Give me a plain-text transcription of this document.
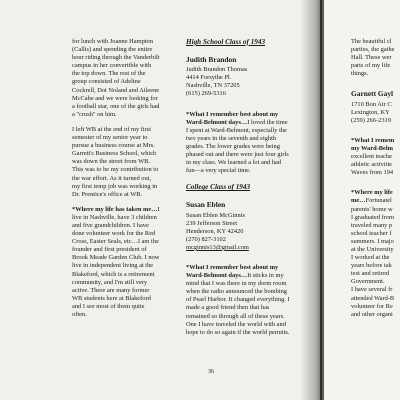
for lunch with Joanne Hampton (Callis) and spending the entire hour riding through the Vanderbilt campus in her convertible with the top down. The rest of the group consisted of Adeline Cockrell, Dot Noland and Aileene McCabe and we were looking for a football star, one of the girls had a "crush" on him.

I left WB at the end of my first semester of my senior year to pursue a business course at Mrs. Garrett's Business School, which was down the street from WB. This was to be my contribution to the war effort. As it turned out, my first temp job was working in Dr. Prentice's office at WB.

*Where my life has taken me…I live in Nashville, have 3 children and five grandchildren. I have done volunteer work for the Red Cross, Easter Seals, etc…I am the founder and first president of Brook Meade Garden Club. I now live in independent living at the Blakeford, which is a retirement community, and I'm still very active. There are many former WB students here at Blakeford and I see most of them quite often.

High School Class of 1943
Judith Brandon
Judith Brandon Thomas
4414 Forsythe Pl.
Nashville, TN 37205
(615) 269-5316

*What I remember best about my Ward-Belmont days…I loved the time I spent at Ward-Belmont, especially the two years in the seventh and eighth grades. The lower grades were being phased out and there were just four girls in my class. We learned a lot and had fun—a very special time.

College Class of 1943
Susan Eblen
Susan Eblen McGinnis
239 Jefferson Street
Henderson, KY 42420
(270) 827-3102
mcginnis13@gmail.com

*What I remember best about my Ward-Belmont days…It sticks in my mind that I was there in my dorm room when the radio announced the bombing of Pearl Harbor. It changed everything. I made a good friend then that has remained so through all of these years. One I have traveled the world with and hope to do so again if the world permits.

The beautiful cl
parties, the gathe
Hall. These wer
parts of my life
things.
Garnett Gayl
1710 Bon Air C
Lexington, KY
(259) 266-2319
*What I remem
my Ward-Belm
excellent teache
athletic activitie
Waves from 194
*Where my life
me…Fortunatel
parents' home w
I graduated from
traveled many p
school teacher f
summers. I majo
at the University
I worked at the
years before tak
test and retired
Government.
I have several fr
attended Ward-B
volunteer for Re
and other organi
36
